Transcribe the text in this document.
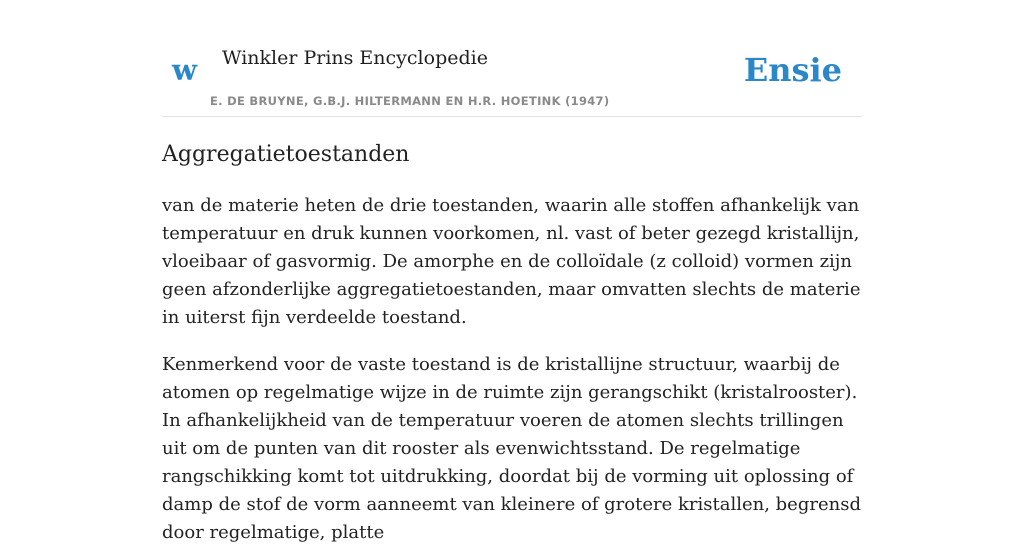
w Winkler Prins Encyclopedie
E. DE BRUYNE, G.B.J. HILTERMANN EN H.R. HOETINK (1947)
Ensie
Aggregatietoestanden

van de materie heten de drie toestanden, waarin alle stoffen afhankelijk van temperatuur en druk kunnen voorkomen, nl. vast of beter gezegd kristallijn, vloeibaar of gasvormig. De amorphe en de colloïdale (z colloid) vormen zijn geen afzonderlijke aggregatietoestanden, maar omvatten slechts de materie in uiterst fijn verdeelde toestand.

Kenmerkend voor de vaste toestand is de kristallijne structuur, waarbij de atomen op regelmatige wijze in de ruimte zijn gerangschikt (kristalrooster). In afhankelijkheid van de temperatuur voeren de atomen slechts trillingen uit om de punten van dit rooster als evenwichtsstand. De regelmatige rangschikking komt tot uitdrukking, doordat bij de vorming uit oplossing of damp de stof de vorm aanneemt van kleinere of grotere kristallen, begrensd door regelmatige, platte
